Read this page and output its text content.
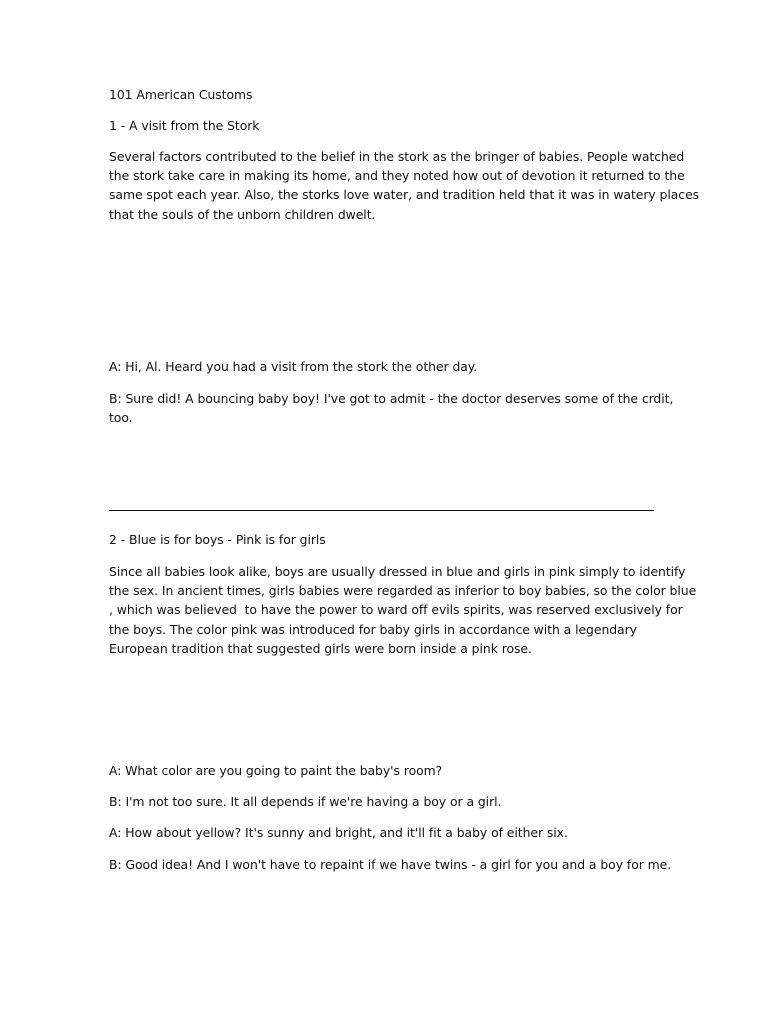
101 American Customs

1 - A visit from the Stork

Several factors contributed to the belief in the stork as the bringer of babies. People watched
the stork take care in making its home, and they noted how out of devotion it returned to the
same spot each year. Also, the storks love water, and tradition held that it was in watery places
that the souls of the unborn children dwelt.

A: Hi, Al. Heard you had a visit from the stork the other day.

B: Sure did! A bouncing baby boy! I've got to admit - the doctor deserves some of the crdit,
too.

2 - Blue is for boys - Pink is for girls

Since all babies look alike, boys are usually dressed in blue and girls in pink simply to identify
the sex. In ancient times, girls babies were regarded as inferior to boy babies, so the color blue
, which was believed  to have the power to ward off evils spirits, was reserved exclusively for
the boys. The color pink was introduced for baby girls in accordance with a legendary
European tradition that suggested girls were born inside a pink rose.

A: What color are you going to paint the baby's room?

B: I'm not too sure. It all depends if we're having a boy or a girl.

A: How about yellow? It's sunny and bright, and it'll fit a baby of either six.

B: Good idea! And I won't have to repaint if we have twins - a girl for you and a boy for me.
